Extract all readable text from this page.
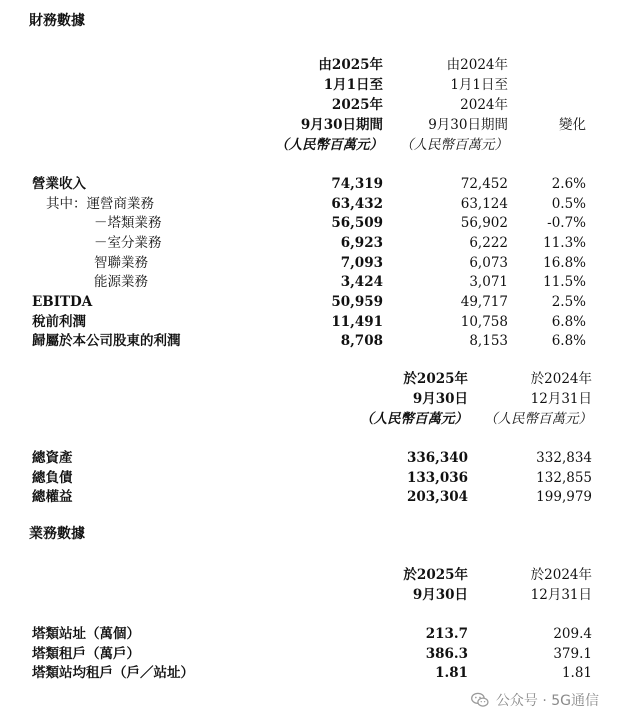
財務數據
由2025年
1月1日至
2025年
9月30日期間
（人民幣百萬元）
由2024年
1月1日至
2024年
9月30日期間
（人民幣百萬元）
變化
營業收入	74,319	72,452	2.6%
其中：運營商業務	63,432	63,124	0.5%
－塔類業務	56,509	56,902	-0.7%
－室分業務	6,923	6,222	11.3%
智聯業務	7,093	6,073	16.8%
能源業務	3,424	3,071	11.5%
EBITDA	50,959	49,717	2.5%
稅前利潤	11,491	10,758	6.8%
歸屬於本公司股東的利潤	8,708	8,153	6.8%
於2025年
9月30日
（人民幣百萬元）
於2024年
12月31日
（人民幣百萬元）
總資產	336,340	332,834
總負債	133,036	132,855
總權益	203,304	199,979
業務數據
於2025年
9月30日
於2024年
12月31日
塔類站址（萬個）	213.7	209.4
塔類租戶（萬戶）	386.3	379.1
塔類站均租戶（戶／站址）	1.81	1.81
公众号 · 5G通信
